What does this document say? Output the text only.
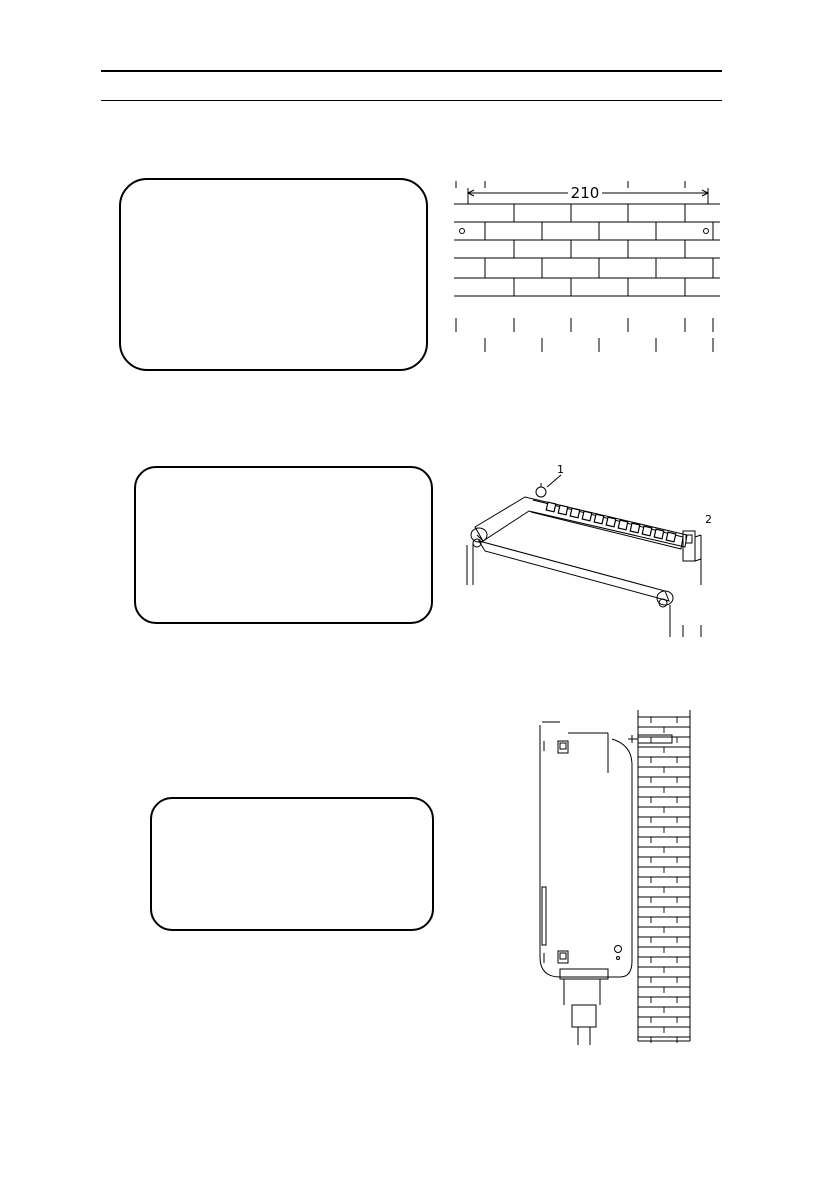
210
1
2
